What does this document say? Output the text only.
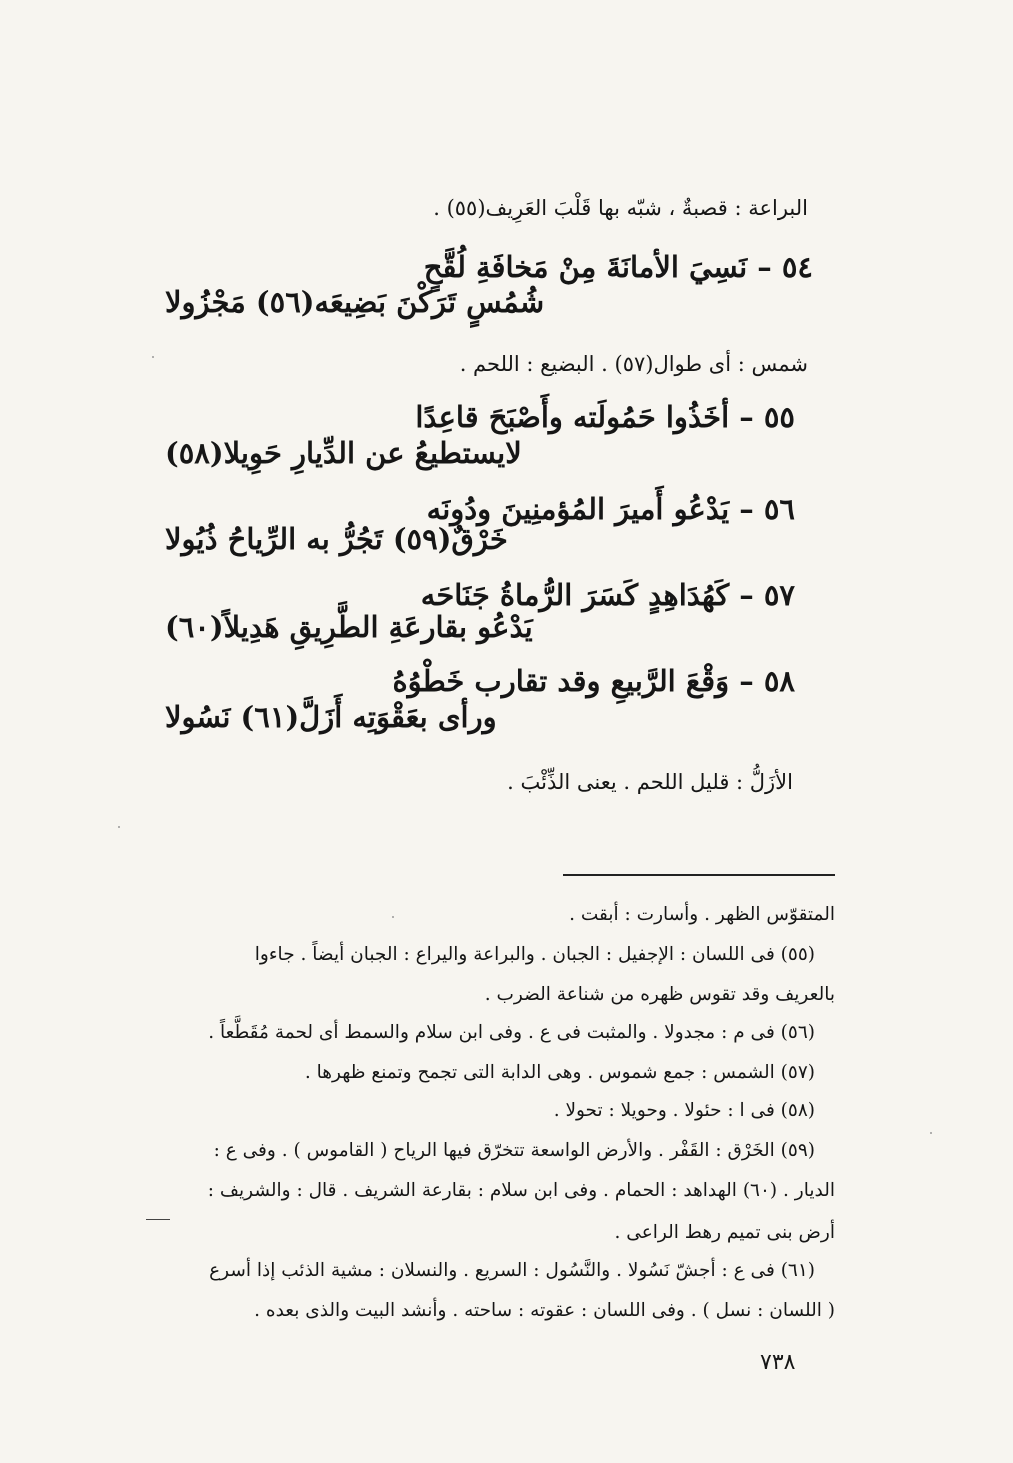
البراعة : قصبةٌ ، شبّه بها قَلْبَ العَرِيف(٥٥) .
٥٤ – نَسِيَ الأمانَةَ مِنْ مَخافَةِ لُقَّحٍ
شُمُسٍ تَرَكْنَ بَضِيعَه(٥٦) مَجْزُولا
شمس : أى طوال(٥٧) . البضيع : اللحم .
٥٥ – أخَذُوا حَمُولَته وأَصْبَحَ قاعِدًا
لايستطيعُ عن الدِّيارِ حَوِيلا(٥٨)
٥٦ – يَدْعُو أَميرَ المُؤمنِينَ ودُونَه
خَرْقٌ(٥٩) تَجُرُّ به الرِّياحُ ذُيُولا
٥٧ – كَهُدَاهِدٍ كَسَرَ الرُّماةُ جَنَاحَه
يَدْعُو بقارعَةِ الطَّرِيقِ هَدِيلاً(٦٠)
٥٨ – وَقْعَ الرَّبيعِ وقد تقارب خَطْوُهُ
ورأى بعَقْوَتِه أَزَلَّ(٦١) نَسُولا
الأزَلُّ : قليل اللحم . يعنى الذِّئْبَ .
المتقوّس الظهر . وأسارت : أبقت .
(٥٥) فى اللسان : الإجفيل : الجبان . والبراعة واليراع : الجبان أيضاً . جاءوا
بالعريف وقد تقوس ظهره من شناعة الضرب .
(٥٦) فى م : مجدولا . والمثبت فى ع . وفى ابن سلام والسمط أى لحمة مُقَطَّعاً .
(٥٧) الشمس : جمع شموس . وهى الدابة التى تجمح وتمنع ظهرها .
(٥٨) فى ا : حئولا . وحويلا : تحولا .
(٥٩) الخَرْق : القَفْر . والأرض الواسعة تتخرّق فيها الرياح ( القاموس ) . وفى ع :
الديار . (٦٠) الهداهد : الحمام . وفى ابن سلام : بقارعة الشريف . قال : والشريف :
أرض بنى تميم رهط الراعى .
(٦١) فى ع : أجشّ نَسُولا . والنَّسُول : السريع . والنسلان : مشية الذئب إذا أسرع
( اللسان : نسل ) . وفى اللسان : عقوته : ساحته . وأنشد البيت والذى بعده .
٧٣٨
